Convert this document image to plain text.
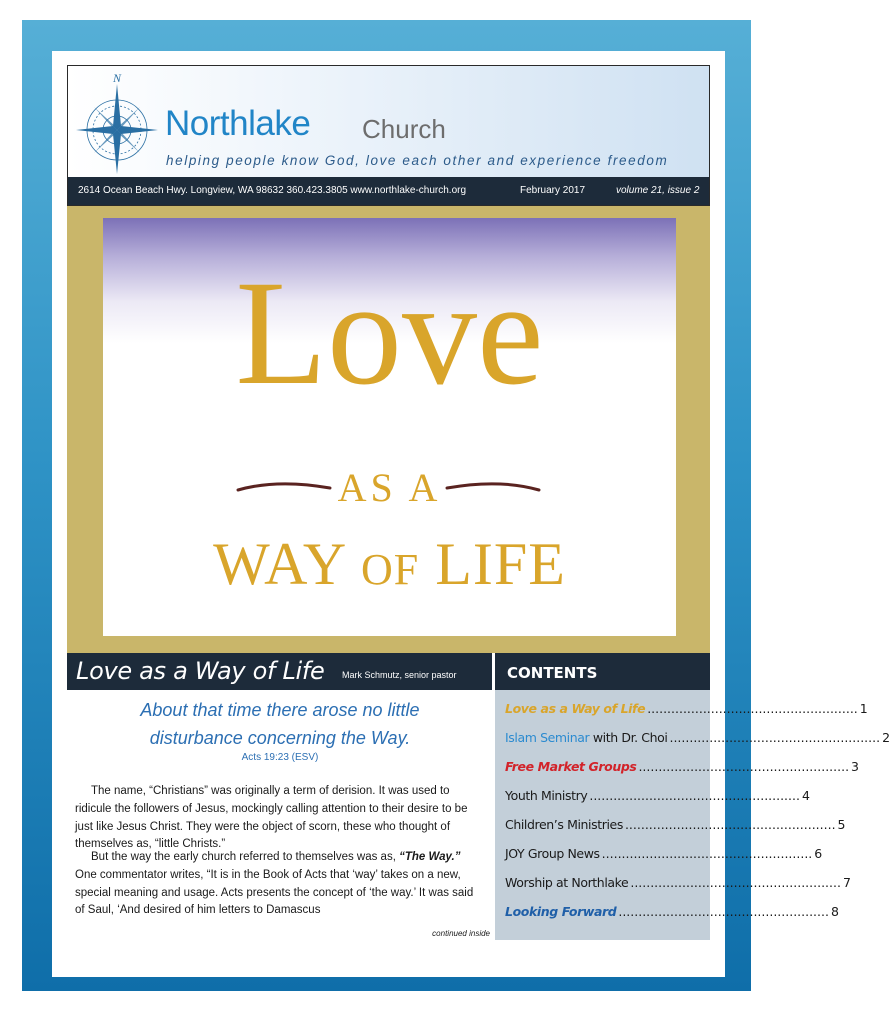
N
Northlake Church
helping people know God, love each other and experience freedom
2614 Ocean Beach Hwy. Longview, WA 98632 360.423.3805 www.northlake-church.org	February 2017	volume 21, issue 2
Love
AS A
WAY OF LIFE
Love as a Way of Life Mark Schmutz, senior pastor
About that time there arose no little
disturbance concerning the Way.
Acts 19:23 (ESV)

The name, “Christians” was originally a term of derision. It was used to ridicule the followers of Jesus, mockingly calling attention to their desire to be just like Jesus Christ. They were the object of scorn, these who thought of themselves as, “little Christs.”

But the way the early church referred to themselves was as, “The Way.” One commentator writes, “It is in the Book of Acts that ‘way’ takes on a new, special meaning and usage. Acts presents the concept of ‘the way.’ It was said of Saul, ‘And desired of him letters to Damascus

continued inside
CONTENTS
Love as a Way of Life ..................................................... 1
Islam Seminar with Dr. Choi ..................................................... 2
Free Market Groups ..................................................... 3
Youth Ministry ..................................................... 4
Children’s Ministries ..................................................... 5
JOY Group News ..................................................... 6
Worship at Northlake ..................................................... 7
Looking Forward ..................................................... 8
